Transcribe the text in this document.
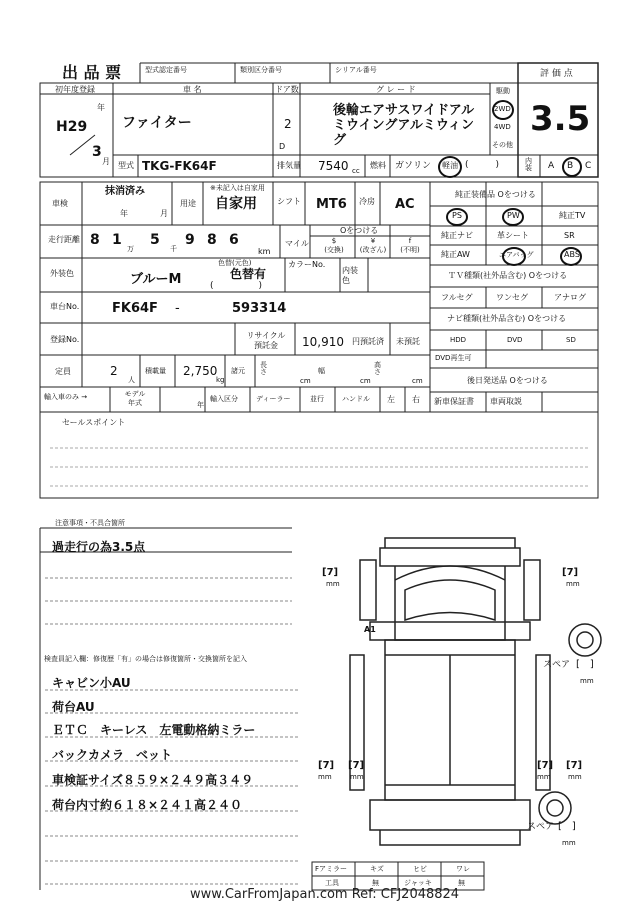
出 品 票	型式認定番号	類別区分番号	シリアル番号	評 価 点
3.5
初年度登録
年
H29
3
月
車 名
ファイター
ドア数
2
D
グ レ ー ド
後輪エアサスワイドアルミウイングアルミウィング
駆動
2WD
4WD
その他
型式 TKG-FK64F	排気量 7540 cc
燃料 ガソリン 軽油 (　　　)	内装	A B C
車検
抹消済み
年	月
※未記入は自家用
用途 自家用	シフト MT6 冷房 AC
走行距離 8 1
万
5
千
9 8 6
km
マイル
Oをつける
$
(交換)
¥
(改ざん)
f
(不明)
純正装備品 Oをつける
PS	PW	純正TV
純正ナビ	革シート	SR
純正AW	エアバッグ	ABS
外装色	ブルーM
色替(元色)
色替有
(　　　　　)
カラーNo.
内装
色
ＴＶ種類(社外品含む) Oをつける
フルセグ	ワンセグ	アナログ
車台No.	FK64F -	593314
ナビ種類(社外品含む) Oをつける
HDD	DVD	SD
DVD再生可
登録No.	リサイクル
預託金	10,910 円預託済 未預託
定員	2
人
積載量 2,750
kg
諸元
長さ
cm
幅
cm
高さ
cm	後日発送品 Oをつける
新車保証書 車両取説
輸入車のみ →	モデル
年式	年
輸入区分	ディーラー	並行	ハンドル 左 右
セールスポイント
注意事項・不具合箇所
過走行の為3.5点
検査員記入欄：修復歴「有」の場合は修復箇所・交換箇所を記入
キャビン小AU
荷台AU
ＥＴＣ　キーレス　左電動格納ミラー
バックカメラ　ベット
車検証サイズ８５９×２４９高３４９
荷台内寸約６１８×２４１高２４０
A1
[7]
mm
[7]
mm
[7]
mm
[7]
mm
[7]
mm
[7]
mm
スペア [　]
mm
スペア [　]
mm
Fアミラー	キズ	ヒビ	ワレ
工具	無	ジャッキ	無
www.CarFromJapan.com Ref: CFJ2048824
